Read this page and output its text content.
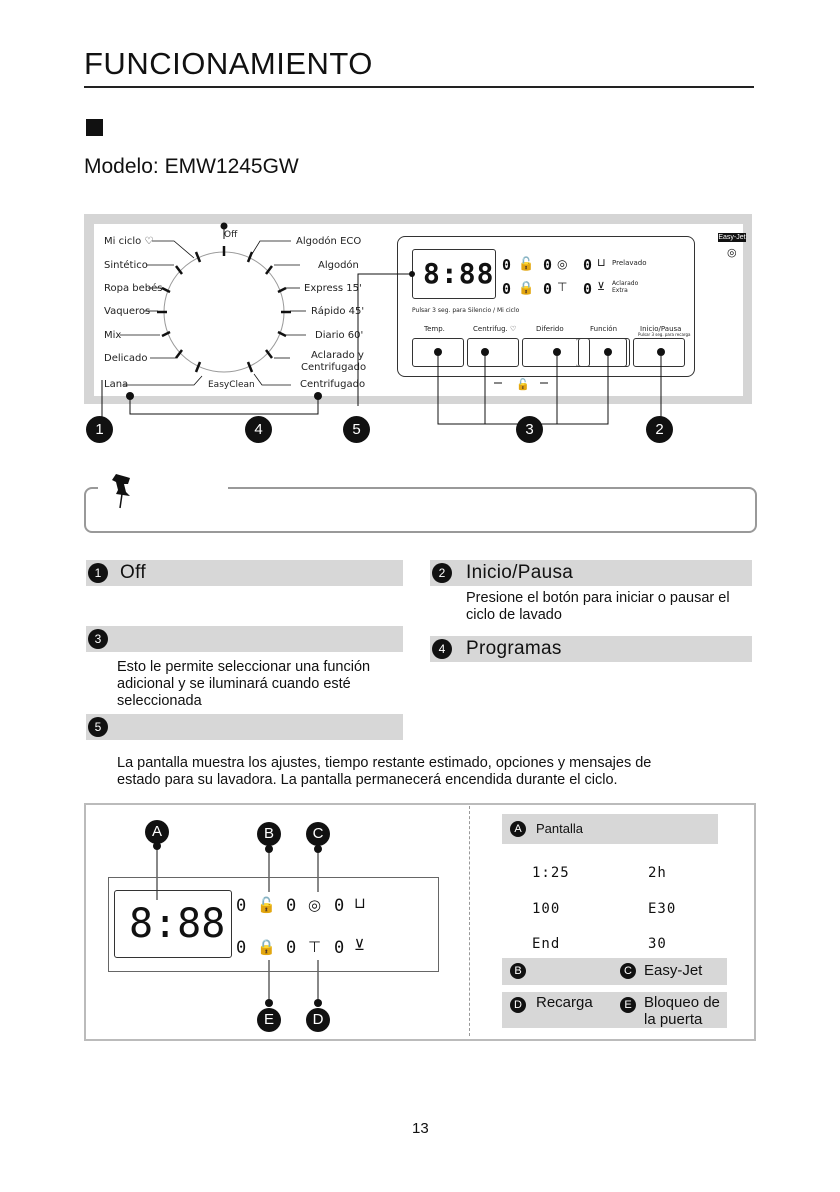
FUNCIONAMIENTO
Modelo: EMW1245GW
Off
Mi ciclo ♡
Sintético
Ropa bebés
Vaqueros
Mix
Delicado
Lana
Algodón ECO
Algodón
Express 15'
Rápido 45'
Diario 60'
Aclarado y
Centrifugado
Centrifugado
EasyClean
8:88 0 🔓 0 ◎ 0 ⊔ Prelavado
0 🔒 0 ⊤ 0 ⊻ Aclarado
Extra
Pulsar 3 seg. para Silencio / Mi ciclo
Temp.	Centrifug. ♡	Diferido	Función	Inicio/Pausa
Pulsar 3 seg. para recarga
🔓
Easy-Jet
◎
1	4	5	3	2
1 Off	2	Inicio/Pausa
Presione el botón para iniciar o pausar el
ciclo de lavado
3
Esto le permite seleccionar una función
adicional y se iluminará cuando esté
seleccionada
4	Programas
5
La pantalla muestra los ajustes, tiempo restante estimado, opciones y mensajes de
estado para su lavadora. La pantalla permanecerá encendida durante el ciclo.
A	B	C
E	D
8:88 0 🔓 0 ◎ 0 ⊔
0 🔒 0 ⊤ 0 ⊻
A	Pantalla
1:25	2h
100	E30
End	30
B	C Easy-Jet
D Recarga	E Bloqueo de
la puerta
13
